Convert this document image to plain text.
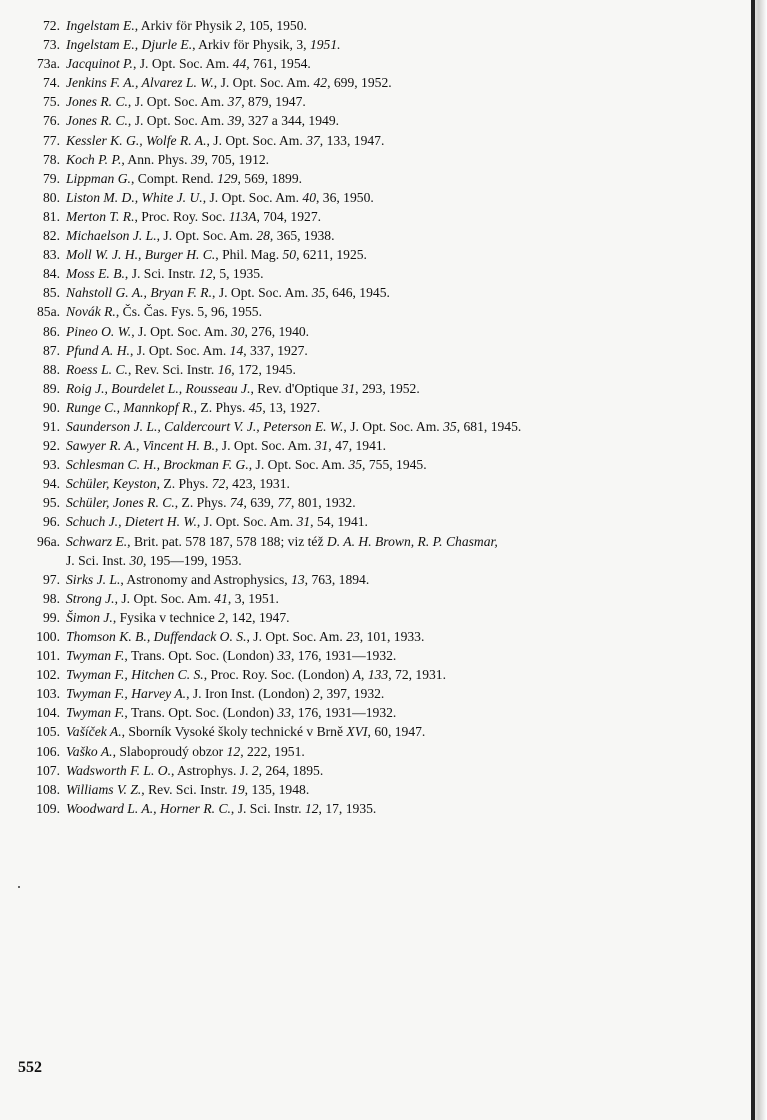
72. Ingelstam E., Arkiv för Physik 2, 105, 1950.
73. Ingelstam E., Djurle E., Arkiv för Physik, 3, 1951.
73a. Jacquinot P., J. Opt. Soc. Am. 44, 761, 1954.
74. Jenkins F. A., Alvarez L. W., J. Opt. Soc. Am. 42, 699, 1952.
75. Jones R. C., J. Opt. Soc. Am. 37, 879, 1947.
76. Jones R. C., J. Opt. Soc. Am. 39, 327 a 344, 1949.
77. Kessler K. G., Wolfe R. A., J. Opt. Soc. Am. 37, 133, 1947.
78. Koch P. P., Ann. Phys. 39, 705, 1912.
79. Lippman G., Compt. Rend. 129, 569, 1899.
80. Liston M. D., White J. U., J. Opt. Soc. Am. 40, 36, 1950.
81. Merton T. R., Proc. Roy. Soc. 113A, 704, 1927.
82. Michaelson J. L., J. Opt. Soc. Am. 28, 365, 1938.
83. Moll W. J. H., Burger H. C., Phil. Mag. 50, 6211, 1925.
84. Moss E. B., J. Sci. Instr. 12, 5, 1935.
85. Nahstoll G. A., Bryan F. R., J. Opt. Soc. Am. 35, 646, 1945.
85a. Novák R., Čs. Čas. Fys. 5, 96, 1955.
86. Pineo O. W., J. Opt. Soc. Am. 30, 276, 1940.
87. Pfund A. H., J. Opt. Soc. Am. 14, 337, 1927.
88. Roess L. C., Rev. Sci. Instr. 16, 172, 1945.
89. Roig J., Bourdelet L., Rousseau J., Rev. d'Optique 31, 293, 1952.
90. Runge C., Mannkopf R., Z. Phys. 45, 13, 1927.
91. Saunderson J. L., Caldercourt V. J., Peterson E. W., J. Opt. Soc. Am. 35, 681, 1945.
92. Sawyer R. A., Vincent H. B., J. Opt. Soc. Am. 31, 47, 1941.
93. Schlesman C. H., Brockman F. G., J. Opt. Soc. Am. 35, 755, 1945.
94. Schüler, Keyston, Z. Phys. 72, 423, 1931.
95. Schüler, Jones R. C., Z. Phys. 74, 639, 77, 801, 1932.
96. Schuch J., Dietert H. W., J. Opt. Soc. Am. 31, 54, 1941.
96a. Schwarz E., Brit. pat. 578 187, 578 188; viz též D. A. H. Brown, R. P. Chasmar,
J. Sci. Inst. 30, 195—199, 1953.
97. Sirks J. L., Astronomy and Astrophysics, 13, 763, 1894.
98. Strong J., J. Opt. Soc. Am. 41, 3, 1951.
99. Šimon J., Fysika v technice 2, 142, 1947.
100. Thomson K. B., Duffendack O. S., J. Opt. Soc. Am. 23, 101, 1933.
101. Twyman F., Trans. Opt. Soc. (London) 33, 176, 1931—1932.
102. Twyman F., Hitchen C. S., Proc. Roy. Soc. (London) A, 133, 72, 1931.
103. Twyman F., Harvey A., J. Iron Inst. (London) 2, 397, 1932.
104. Twyman F., Trans. Opt. Soc. (London) 33, 176, 1931—1932.
105. Vašíček A., Sborník Vysoké školy technické v Brně XVI, 60, 1947.
106. Vaško A., Slaboproudý obzor 12, 222, 1951.
107. Wadsworth F. L. O., Astrophys. J. 2, 264, 1895.
108. Williams V. Z., Rev. Sci. Instr. 19, 135, 1948.
109. Woodward L. A., Horner R. C., J. Sci. Instr. 12, 17, 1935.
552
